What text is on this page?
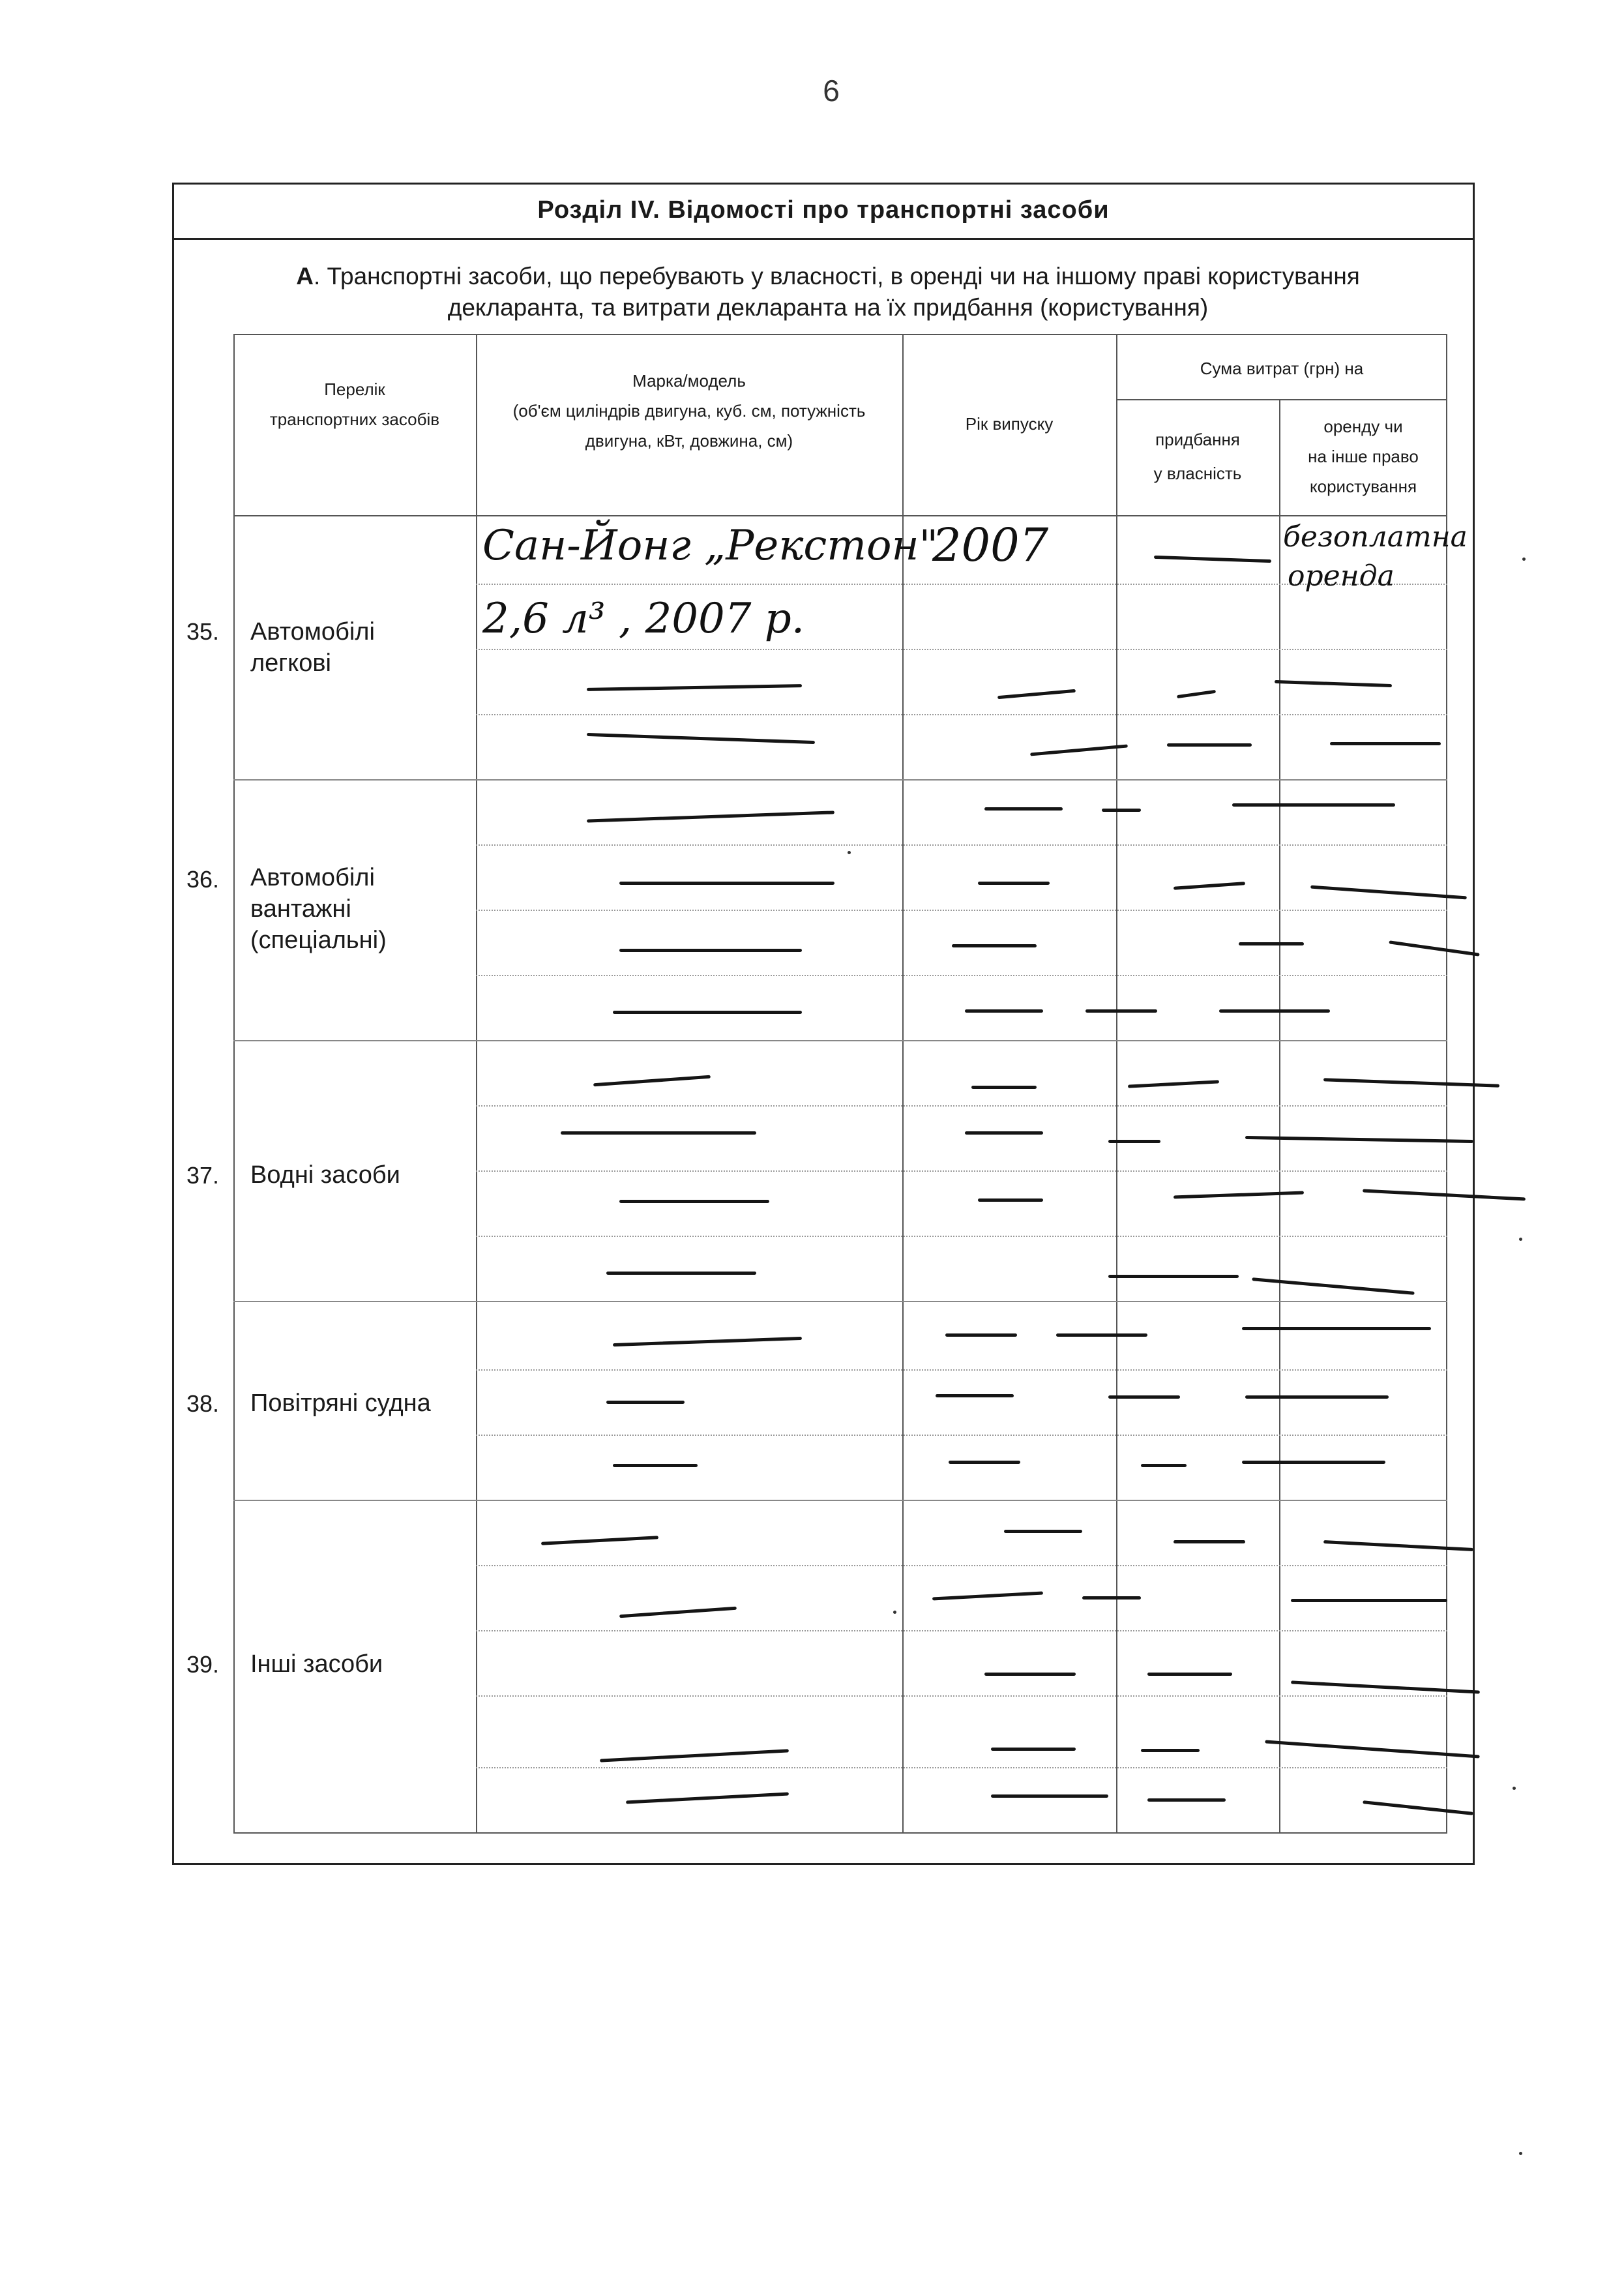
6
Розділ IV. Відомості про транспортні засоби
А. Транспортні засоби, що перебувають у власності, в оренді чи на іншому праві користування
декларанта, та витрати декларанта на їх придбання (користування)
Перелік
транспортних засобів
Марка/модель
(об'єм циліндрів двигуна, куб. см, потужність
двигуна, кВт, довжина, см)
Рік випуску
Сума витрат (грн) на
придбання
у власність
оренду чи
на інше право
користування
35. Автомобілі
легкові
36. Автомобілі
вантажні
(спеціальні)
37. Водні засоби
38. Повітряні судна
39. Інші засоби
Сан-Йонг „Рекстон"
2,6 л³ , 2007 р.
2007	безоплатна
оренда
